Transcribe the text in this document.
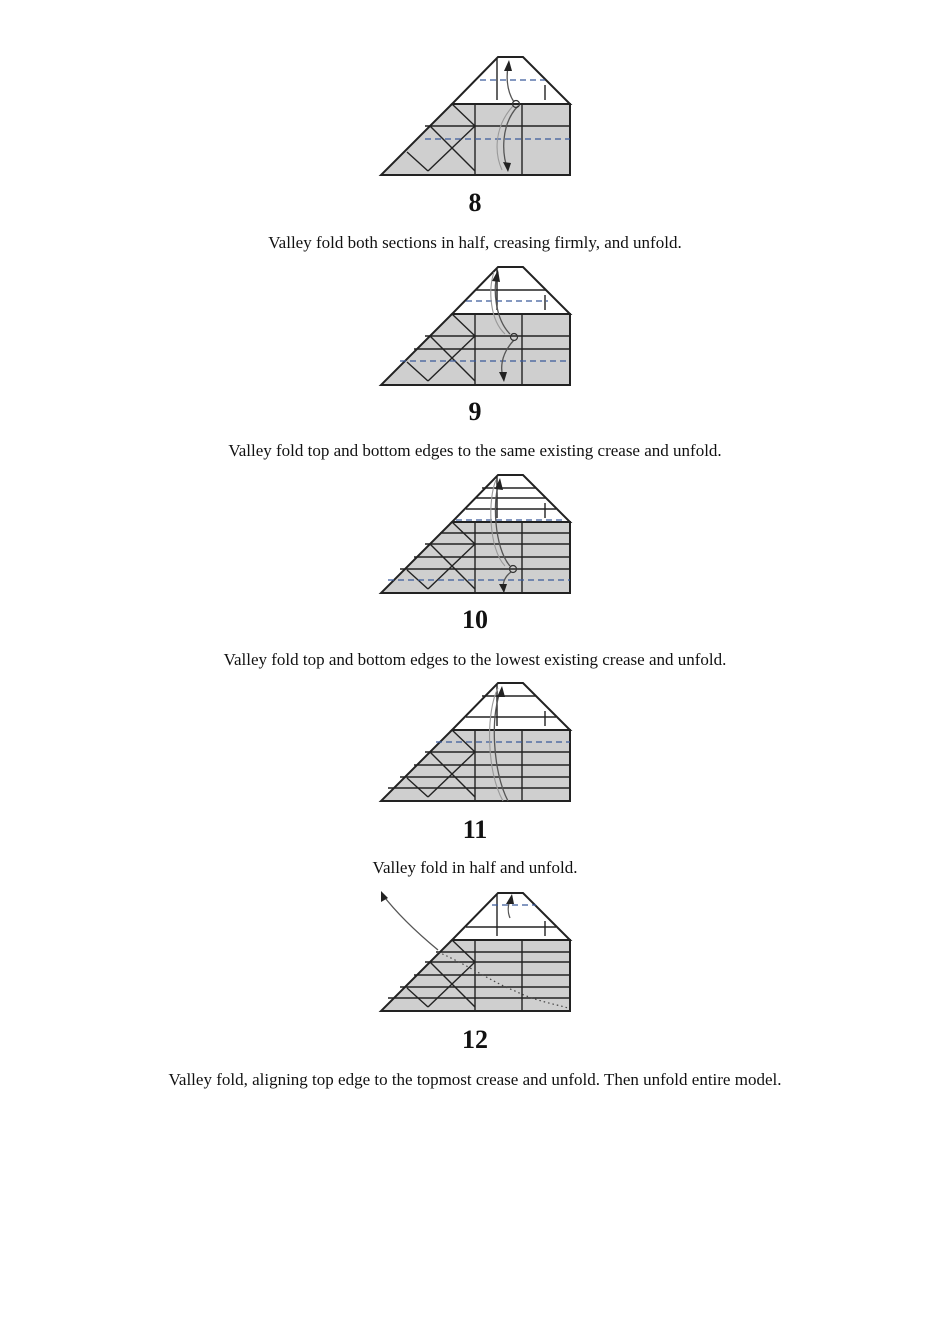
8
Valley fold both sections in half, creasing firmly, and unfold.
9
Valley fold top and bottom edges to the same existing crease and unfold.
10
Valley fold top and bottom edges to the lowest existing crease and unfold.
11
Valley fold in half and unfold.
12
Valley fold, aligning top edge to the topmost crease and unfold. Then unfold entire model.
